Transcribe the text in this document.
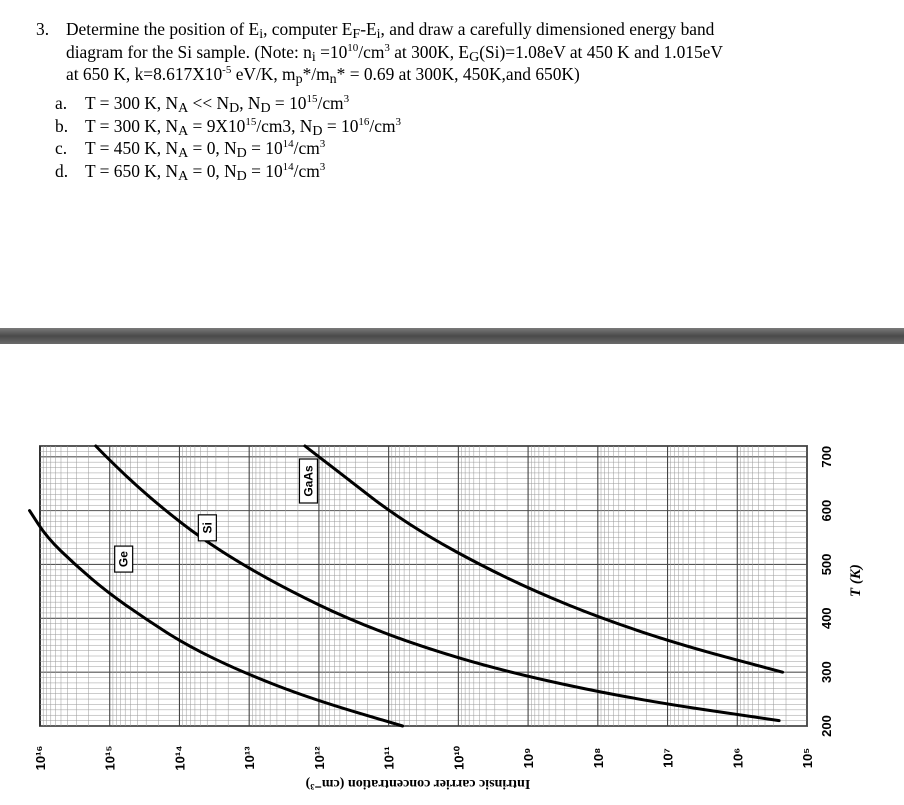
3. Determine the position of $E_i$, computer $E_F-E_i$, and draw a carefully dimensioned energy band
diagram for the Si sample. (Note: $n_i =10^{10}/cm^3$ at 300K, $E_G(Si)=1.08eV$ at 450 K and 1.015eV
at 650 K, $k=8.617X10^{-5}$ eV/K, $m_p*/m_n* = 0.69$ at 300K, 450K,and 650K)
a. T = 300 K, $N_A << N_D$, $N_D = 10^{15}/cm^3$
b. T = 300 K, $N_A = 9X10^{15}/cm3$, $N_D = 10^{16}/cm^3$
c. T = 450 K, $N_A = 0$, $N_D = 10^{14}/cm^3$
d. T = 650 K, $N_A = 0$, $N_D = 10^{14}/cm^3$
10¹⁶	10¹⁵	10¹⁴	10¹³	10¹²	10¹¹	10¹⁰	10⁹	10⁸	10⁷	10⁶	10⁵
200
300
400
500
600
700
Intrinsic carrier concentration (cm⁻³)
T (K)
Ge
Si
GaAs
